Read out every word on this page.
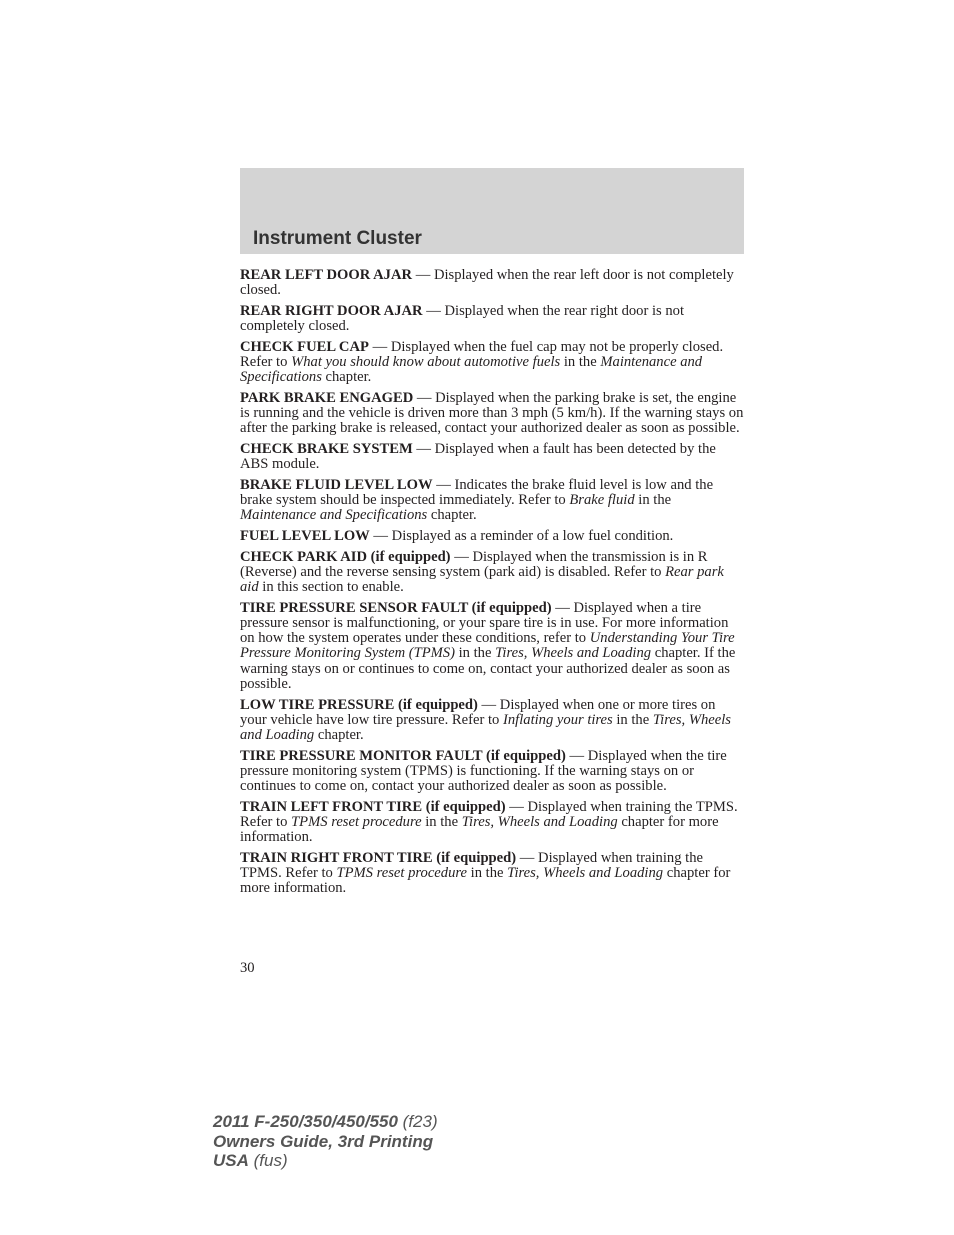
Instrument Cluster
REAR LEFT DOOR AJAR — Displayed when the rear left door is not completely closed.
REAR RIGHT DOOR AJAR — Displayed when the rear right door is not completely closed.
CHECK FUEL CAP — Displayed when the fuel cap may not be properly closed. Refer to What you should know about automotive fuels in the Maintenance and Specifications chapter.
PARK BRAKE ENGAGED — Displayed when the parking brake is set, the engine is running and the vehicle is driven more than 3 mph (5 km/h). If the warning stays on after the parking brake is released, contact your authorized dealer as soon as possible.
CHECK BRAKE SYSTEM — Displayed when a fault has been detected by the ABS module.
BRAKE FLUID LEVEL LOW — Indicates the brake fluid level is low and the brake system should be inspected immediately. Refer to Brake fluid in the Maintenance and Specifications chapter.
FUEL LEVEL LOW — Displayed as a reminder of a low fuel condition.
CHECK PARK AID (if equipped) — Displayed when the transmission is in R (Reverse) and the reverse sensing system (park aid) is disabled. Refer to Rear park aid in this section to enable.
TIRE PRESSURE SENSOR FAULT (if equipped) — Displayed when a tire pressure sensor is malfunctioning, or your spare tire is in use. For more information on how the system operates under these conditions, refer to Understanding Your Tire Pressure Monitoring System (TPMS) in the Tires, Wheels and Loading chapter. If the warning stays on or continues to come on, contact your authorized dealer as soon as possible.
LOW TIRE PRESSURE (if equipped) — Displayed when one or more tires on your vehicle have low tire pressure. Refer to Inflating your tires in the Tires, Wheels and Loading chapter.
TIRE PRESSURE MONITOR FAULT (if equipped) — Displayed when the tire pressure monitoring system (TPMS) is functioning. If the warning stays on or continues to come on, contact your authorized dealer as soon as possible.
TRAIN LEFT FRONT TIRE (if equipped) — Displayed when training the TPMS. Refer to TPMS reset procedure in the Tires, Wheels and Loading chapter for more information.
TRAIN RIGHT FRONT TIRE (if equipped) — Displayed when training the TPMS. Refer to TPMS reset procedure in the Tires, Wheels and Loading chapter for more information.
30
2011 F-250/350/450/550 (f23)
Owners Guide, 3rd Printing
USA (fus)
